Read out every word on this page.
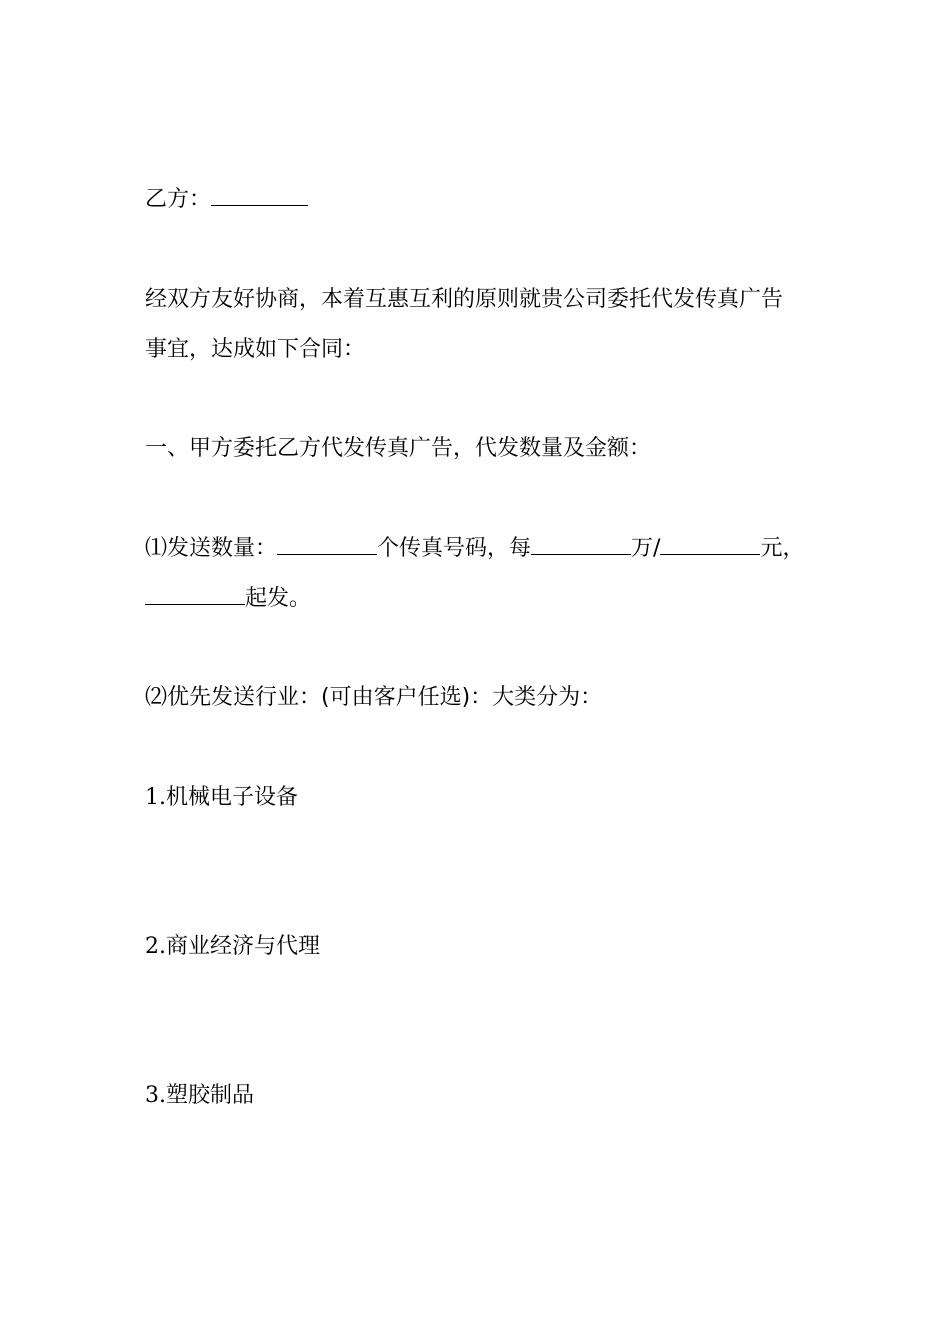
乙方：
经双方友好协商，本着互惠互利的原则就贵公司委托代发传真广告
事宜，达成如下合同：
一、甲方委托乙方代发传真广告，代发数量及金额：
⑴发送数量：	个传真号码，每	万/	元，
起发。
⑵优先发送行业：(可由客户任选)：大类分为：
1.机械电子设备
2.商业经济与代理
3.塑胶制品
